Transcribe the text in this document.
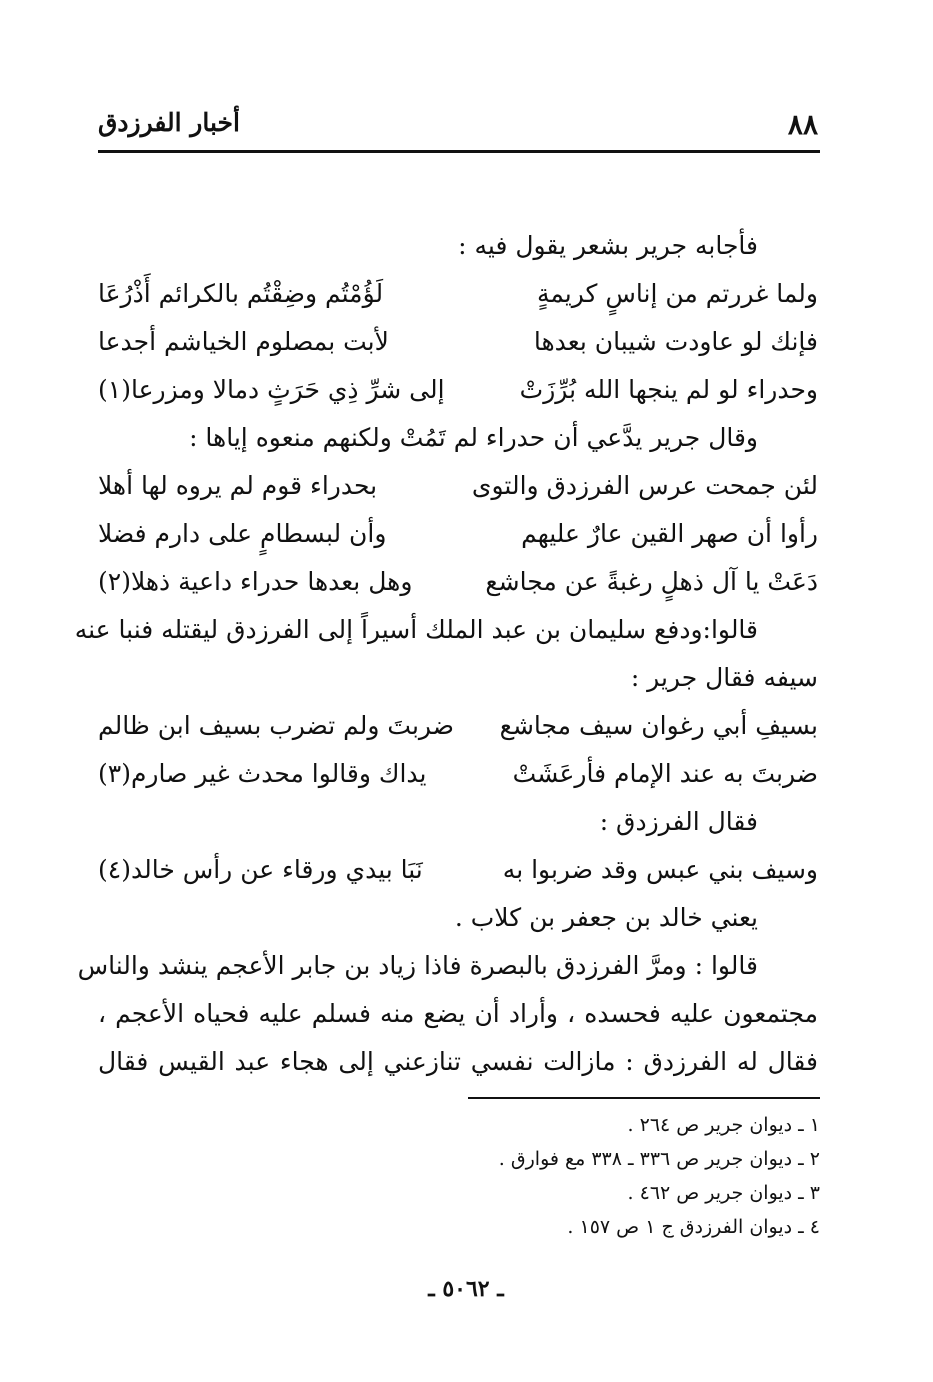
٨٨
أخبار الفرزدق
فأجابه جرير بشعر يقول فيه :
ولما غررتم من إناسٍ كريمةٍ
لَؤُمْتُم وضِقْتُم بالكرائم أَذْرُعَا
فإنك لو عاودت شيبان بعدها
لأبت بمصلوم الخياشم أجدعا
وحدراء لو لم ينجها الله بُرِّزَتْ
إلى شرِّ ذِي حَرَثٍ دمالا ومزرعا(١)
وقال جرير يدَّعي أن حدراء لم تَمُتْ ولكنهم منعوه إياها :
لئن جمحت عرس الفرزدق والتوى
بحدراء قوم لم يروه لها أهلا
رأوا أن صهر القين عارٌ عليهم
وأن لبسطامٍ على دارم فضلا
دَعَتْ يا آل ذهلٍ رغبةً عن مجاشع
وهل بعدها حدراء داعية ذهلا(٢)
قالوا:ودفع سليمان بن عبد الملك أسيراً إلى الفرزدق ليقتله فنبا عنه
سيفه فقال جرير :
بسيفِ أبي رغوان سيف مجاشع
ضربتَ ولم تضرب بسيف ابن ظالم
ضربتَ به عند الإمام فأرعَشَتْ
يداك وقالوا محدث غير صارم(٣)
فقال الفرزدق :
وسيف بني عبس وقد ضربوا به
نَبَا بيدي ورقاء عن رأس خالد(٤)
يعني خالد بن جعفر بن كلاب .
قالوا : ومرَّ الفرزدق بالبصرة فاذا زياد بن جابر الأعجم ينشد والناس
مجتمعون عليه فحسده ، وأراد أن يضع منه فسلم عليه فحياه الأعجم ،
فقال له الفرزدق : مازالت نفسي تنازعني إلى هجاء عبد القيس فقال
١ ـ ديوان جرير ص ٢٦٤ .
٢ ـ ديوان جرير ص ٣٣٦ ـ ٣٣٨ مع فوارق .
٣ ـ ديوان جرير ص ٤٦٢ .
٤ ـ ديوان الفرزدق ج ١ ص ١٥٧ .
ـ ٥٠٦٢ ـ
